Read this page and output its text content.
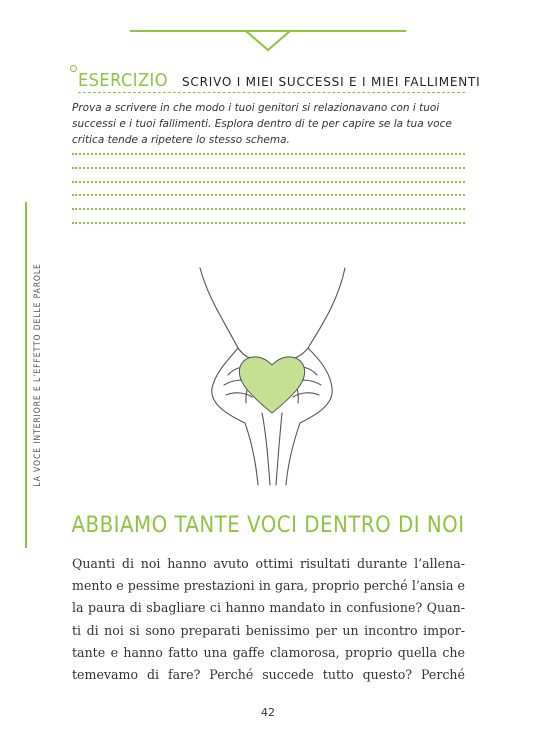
LA VOCE INTERIORE E L’EFFETTO DELLE PAROLE
ESERCIZIO SCRIVO I MIEI SUCCESSI E I MIEI FALLIMENTI

Prova a scrivere in che modo i tuoi genitori si relazionavano con i tuoi successi e i tuoi fallimenti. Esplora dentro di te per capire se la tua voce critica tende a ripetere lo stesso schema.

ABBIAMO TANTE VOCI DENTRO DI NOI

Quanti di noi hanno avuto ottimi risultati durante l’allena-
mento e pessime prestazioni in gara, proprio perché l’ansia e
la paura di sbagliare ci hanno mandato in confusione? Quan-
ti di noi si sono preparati benissimo per un incontro impor-
tante e hanno fatto una gaffe clamorosa, proprio quella che
temevamo di fare? Perché succede tutto questo? Perché

42
